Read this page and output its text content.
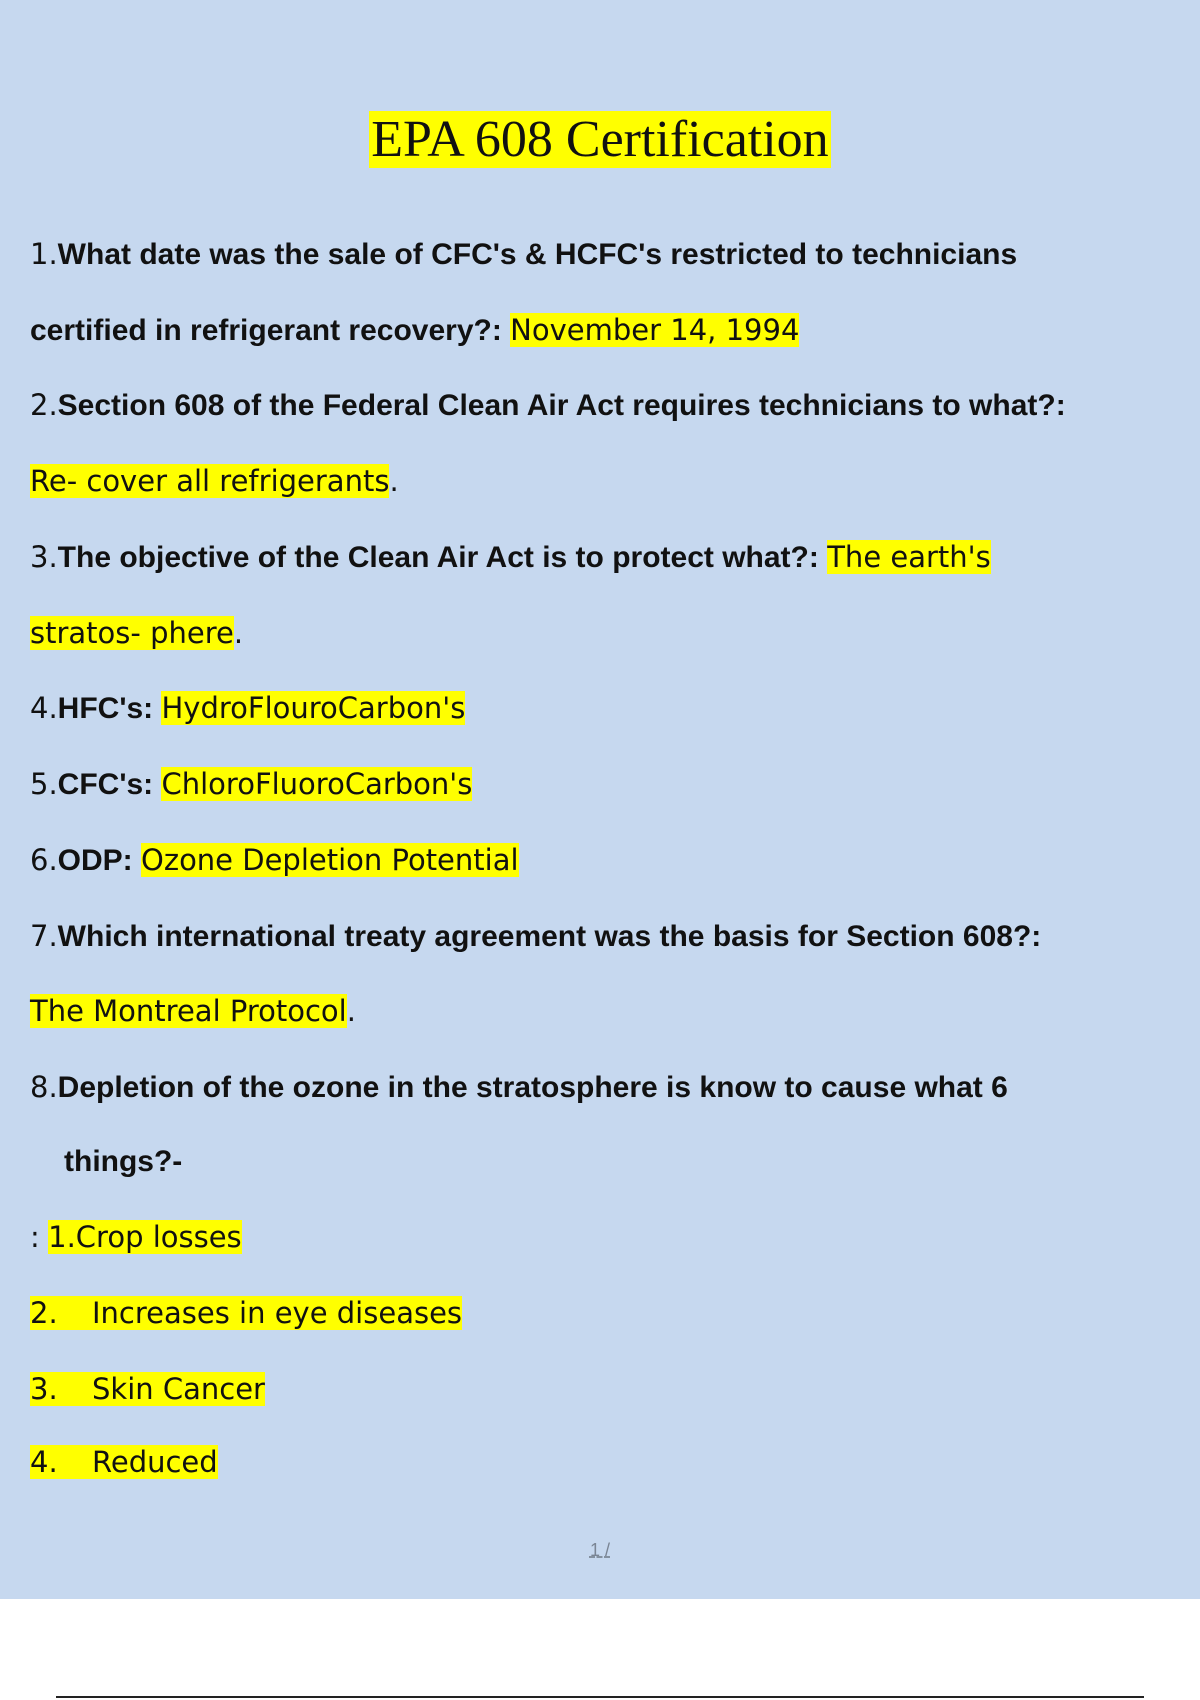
EPA 608 Certification
1.What date was the sale of CFC's & HCFC's restricted to technicians
certified in refrigerant recovery?: November 14, 1994
2.Section 608 of the Federal Clean Air Act requires technicians to what?:
Re- cover all refrigerants.
3.The objective of the Clean Air Act is to protect what?: The earth's
stratos- phere.
4.HFC's: HydroFlouroCarbon's
5.CFC's: ChloroFluoroCarbon's
6.ODP: Ozone Depletion Potential
7.Which international treaty agreement was the basis for Section 608?:
The Montreal Protocol.
8.Depletion of the ozone in the stratosphere is know to cause what 6
things?-
: 1.Crop losses
2. Increases in eye diseases
3. Skin Cancer
4. Reduced
1 /
